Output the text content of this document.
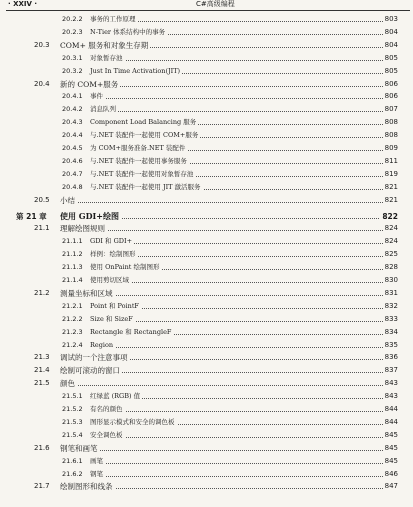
· XXIV ·	C#高级编程
20.2.2 事务的工作原理	803
20.2.3 N-Tier 体系结构中的事务	804
20.3 COM+ 服务和对象生存期	804
20.3.1 对象暂存池	805
20.3.2 Just In Time Activation(JIT)	805
20.4 新的 COM+服务	806
20.4.1 事件	806
20.4.2 消息队列	807
20.4.3 Component Load Balancing 服务	808
20.4.4 与.NET 装配件一起使用 COM+服务	808
20.4.5 为 COM+服务准备.NET 装配件	809
20.4.6 与.NET 装配件一起使用事务服务	811
20.4.7 与.NET 装配件一起使用对象暂存池	819
20.4.8 与.NET 装配件一起使用 JIT 激活服务	821
20.5 小结	821
第 21 章 使用 GDI+绘图	822
21.1 理解绘图规则	824
21.1.1 GDI 和 GDI+	824
21.1.2 样例：绘制图形	825
21.1.3 使用 OnPaint 绘制图形	828
21.1.4 使用剪切区域	830
21.2 测量坐标和区域	831
21.2.1 Point 和 PointF	832
21.2.2 Size 和 SizeF	833
21.2.3 Rectangle 和 RectangleF	834
21.2.4 Region	835
21.3 调试的一个注意事项	836
21.4 绘制可滚动的窗口	837
21.5 颜色	843
21.5.1 红绿蓝 (RGB) 值	843
21.5.2 有名的颜色	844
21.5.3 图形显示模式和安全的调色板	844
21.5.4 安全调色板	845
21.6 钢笔和画笔	845
21.6.1 画笔	845
21.6.2 钢笔	846
21.7 绘制图形和线条	847
